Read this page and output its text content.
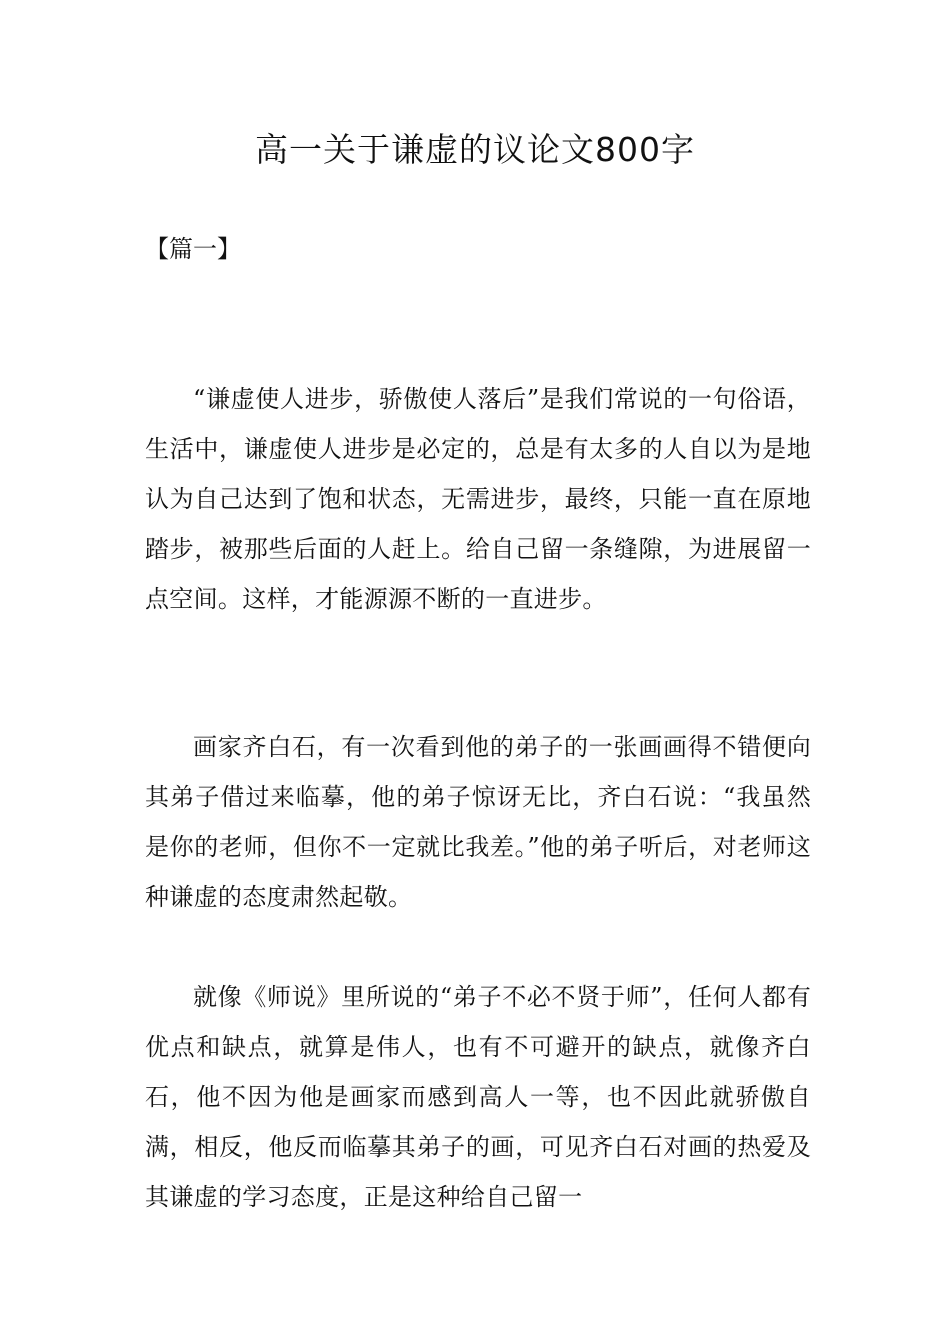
高一关于谦虚的议论文800字

【篇一】

“谦虚使人进步，骄傲使人落后”是我们常说的一句俗语，生活中，谦虚使人进步是必定的，总是有太多的人自以为是地认为自己达到了饱和状态，无需进步，最终，只能一直在原地踏步，被那些后面的人赶上。给自己留一条缝隙，为进展留一点空间。这样，才能源源不断的一直进步。

画家齐白石，有一次看到他的弟子的一张画画得不错便向其弟子借过来临摹，他的弟子惊讶无比，齐白石说：“我虽然是你的老师，但你不一定就比我差。”他的弟子听后，对老师这种谦虚的态度肃然起敬。

就像《师说》里所说的“弟子不必不贤于师”，任何人都有优点和缺点，就算是伟人，也有不可避开的缺点，就像齐白石，他不因为他是画家而感到高人一等，也不因此就骄傲自满，相反，他反而临摹其弟子的画，可见齐白石对画的热爱及其谦虚的学习态度，正是这种给自己留一
